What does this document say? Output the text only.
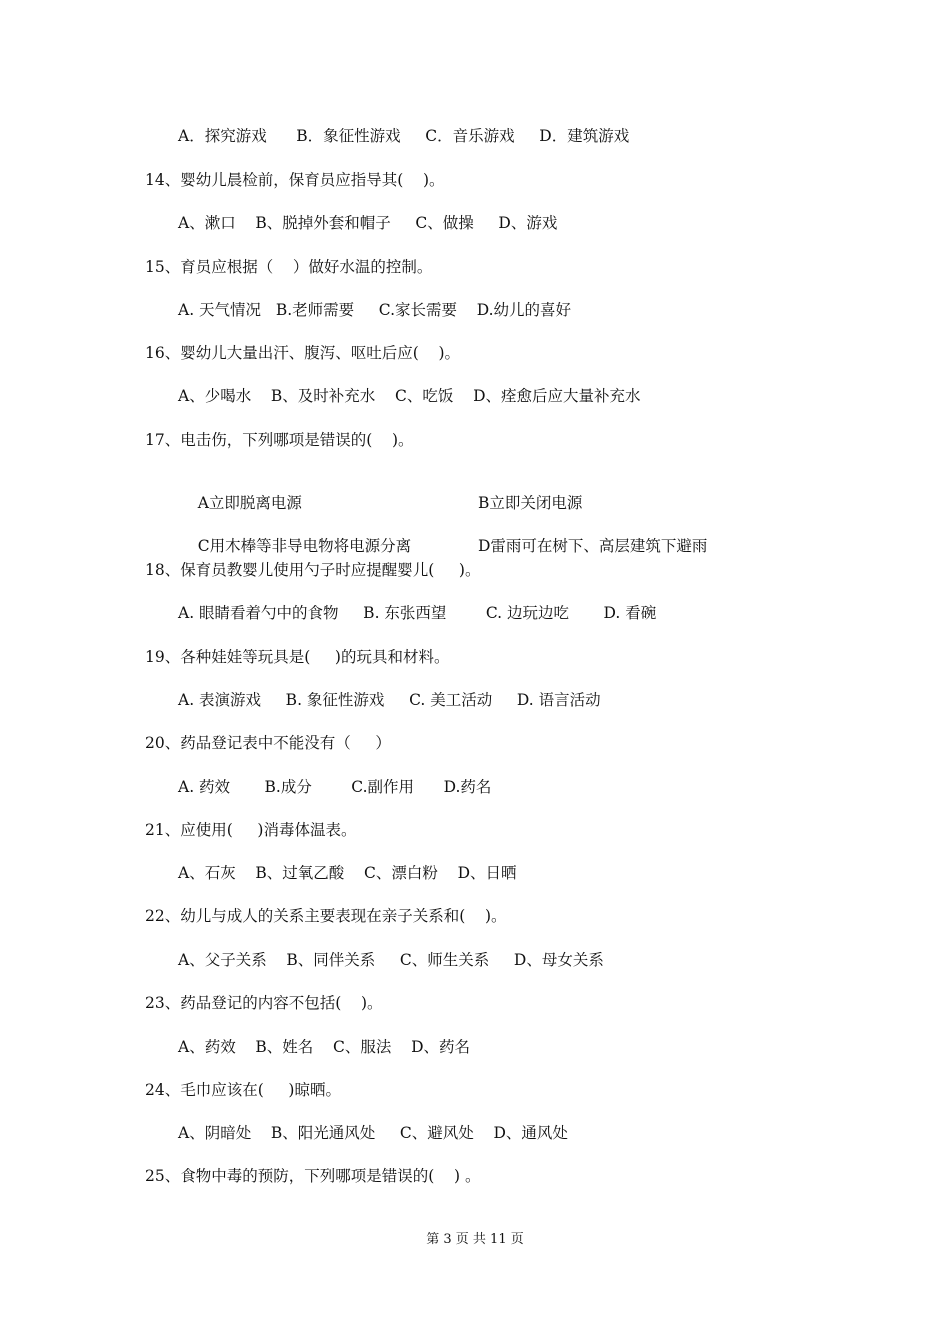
A．探究游戏      B．象征性游戏     C．音乐游戏     D．建筑游戏
14、婴幼儿晨检前，保育员应指导其(    )。
A、漱口    B、脱掉外套和帽子     C、做操     D、游戏
15、育员应根据（    ）做好水温的控制。
A. 天气情况   B.老师需要     C.家长需要    D.幼儿的喜好
16、婴幼儿大量出汗、腹泻、呕吐后应(    )。
A、少喝水    B、及时补充水    C、吃饭    D、痊愈后应大量补充水
17、电击伤，下列哪项是错误的(    )。

A立即脱离电源	B立即关闭电源

C用木棒等非导电物将电源分离	D雷雨可在树下、高层建筑下避雨

18、保育员教婴儿使用勺子时应提醒婴儿(     )。
A. 眼睛看着勺中的食物     B. 东张西望        C. 边玩边吃       D. 看碗
19、各种娃娃等玩具是(     )的玩具和材料。
A. 表演游戏     B. 象征性游戏     C. 美工活动     D. 语言活动
20、药品登记表中不能没有（     ）
A. 药效       B.成分        C.副作用      D.药名
21、应使用(     )消毒体温表。
A、石灰    B、过氧乙酸    C、漂白粉    D、日晒
22、幼儿与成人的关系主要表现在亲子关系和(    )。
A、父子关系    B、同伴关系     C、师生关系     D、母女关系
23、药品登记的内容不包括(    )。
A、药效    B、姓名    C、服法    D、药名
24、毛巾应该在(     )晾晒。
A、阴暗处    B、阳光通风处     C、避风处    D、通风处
25、食物中毒的预防，下列哪项是错误的(    ) 。
第 3 页 共 11 页
